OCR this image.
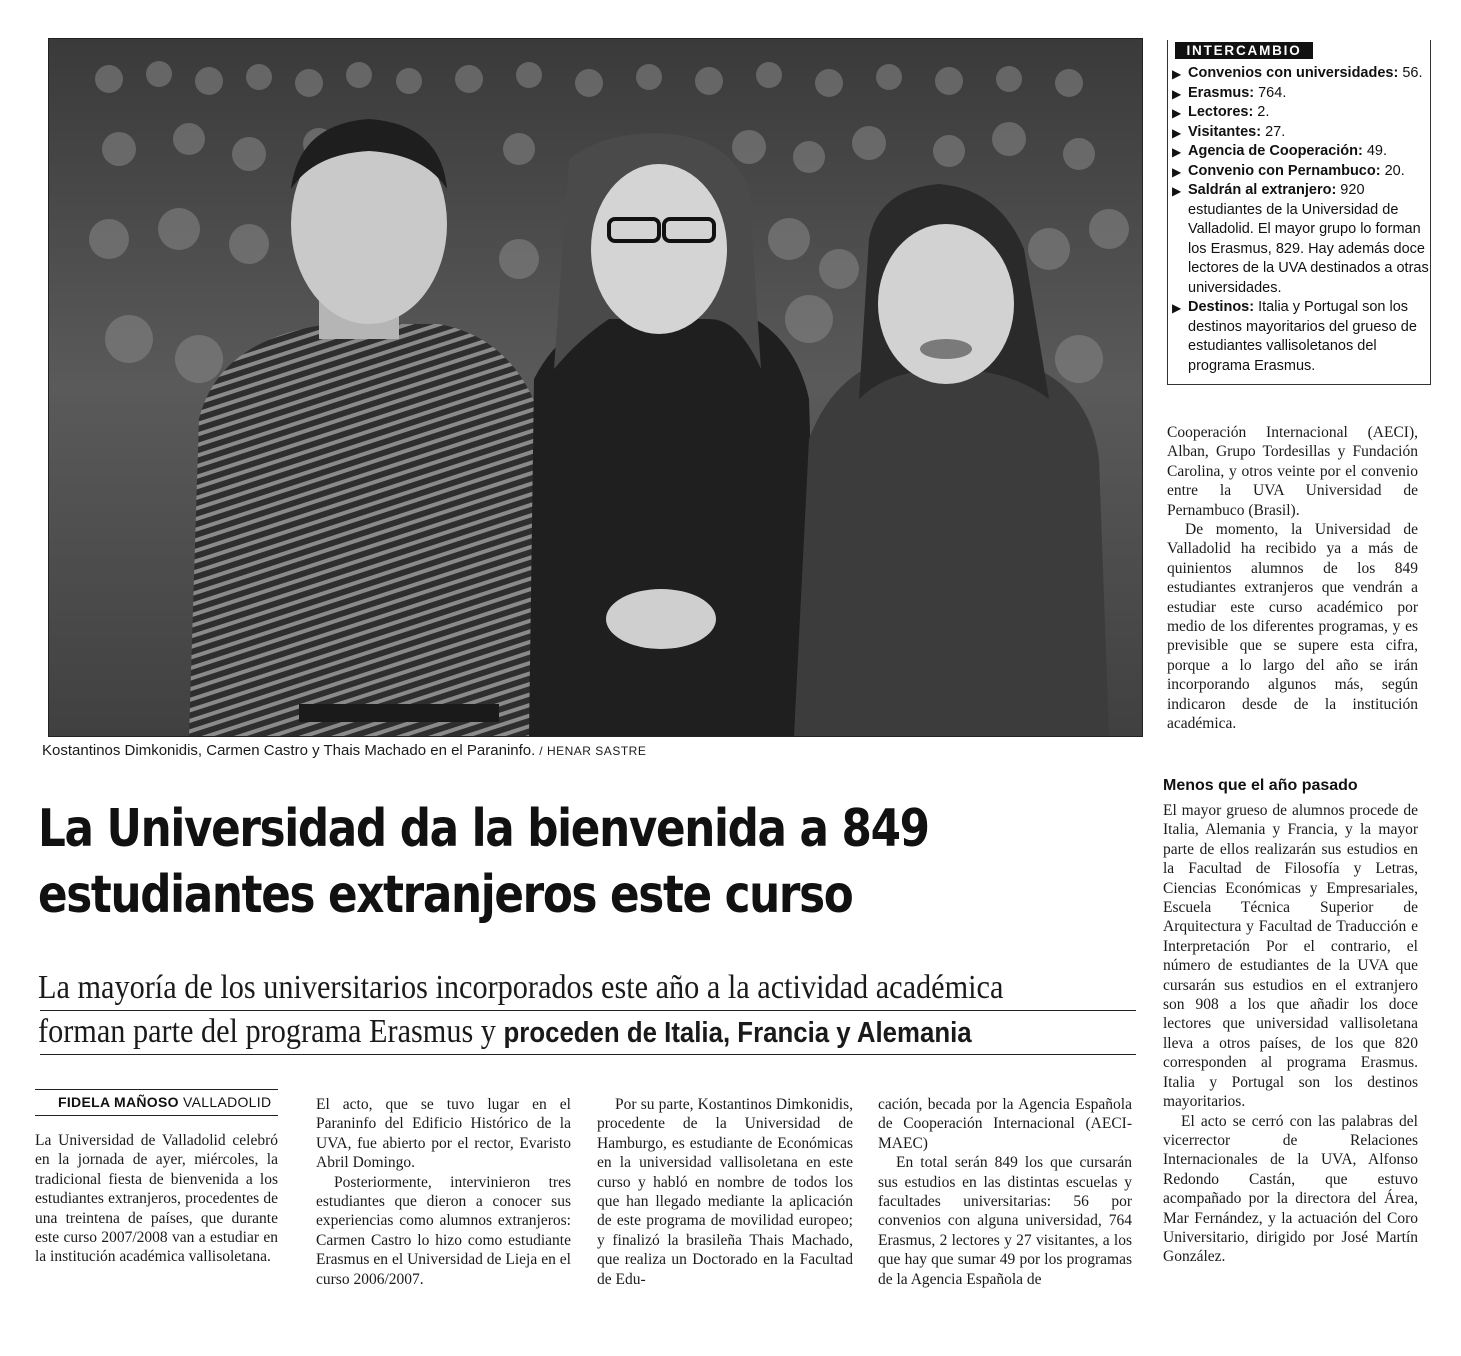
Kostantinos Dimkonidis, Carmen Castro y Thais Machado en el Paraninfo. / HENAR SASTRE
La Universidad da la bienvenida a 849
estudiantes extranjeros este curso
La mayoría de los universitarios incorporados este año a la actividad académica
forman parte del programa Erasmus y proceden de Italia, Francia y Alemania
FIDELA MAÑOSO VALLADOLID

La Universidad de Valladolid celebró en la jornada de ayer, miércoles, la tradicional fiesta de bienvenida a los estudiantes extranjeros, procedentes de una treintena de países, que durante este curso 2007/2008 van a estudiar en la institución académica vallisoletana.

El acto, que se tuvo lugar en el Paraninfo del Edificio Histórico de la UVA, fue abierto por el rector, Evaristo Abril Domingo.

Posteriormente, intervinieron tres estudiantes que dieron a conocer sus experiencias como alumnos extranjeros: Carmen Castro lo hizo como estudiante Erasmus en el Universidad de Lieja en el curso 2006/2007.

Por su parte, Kostantinos Dimkonidis, procedente de la Universidad de Hamburgo, es estudiante de Económicas en la universidad vallisoletana en este curso y habló en nombre de todos los que han llegado mediante la aplicación de este programa de movilidad europeo; y finalizó la brasileña Thais Machado, que realiza un Doctorado en la Facultad de Edu-

cación, becada por la Agencia Española de Cooperación Internacional (AECI-MAEC)

En total serán 849 los que cursarán sus estudios en las distintas escuelas y facultades universitarias: 56 por convenios con alguna universidad, 764 Erasmus, 2 lectores y 27 visitantes, a los que hay que sumar 49 por los programas de la Agencia Española de

INTERCAMBIO
▶ Convenios con universidades: 56.
▶ Erasmus: 764.
▶ Lectores: 2.
▶ Visitantes: 27.
▶ Agencia de Cooperación: 49.
▶ Convenio con Pernambuco: 20.
▶ Saldrán al extranjero: 920 estudiantes de la Universidad de Valladolid. El mayor grupo lo forman los Erasmus, 829. Hay además doce lectores de la UVA destinados a otras universidades.
▶ Destinos: Italia y Portugal son los destinos mayoritarios del grueso de estudiantes vallisoletanos del programa Erasmus.

Cooperación Internacional (AECI), Alban, Grupo Tordesillas y Fundación Carolina, y otros veinte por el convenio entre la UVA Universidad de Pernambuco (Brasil).

De momento, la Universidad de Valladolid ha recibido ya a más de quinientos alumnos de los 849 estudiantes extranjeros que vendrán a estudiar este curso académico por medio de los diferentes programas, y es previsible que se supere esta cifra, porque a lo largo del año se irán incorporando algunos más, según indicaron desde de la institución académica.

Menos que el año pasado

El mayor grueso de alumnos procede de Italia, Alemania y Francia, y la mayor parte de ellos realizarán sus estudios en la Facultad de Filosofía y Letras, Ciencias Económicas y Empresariales, Escuela Técnica Superior de Arquitectura y Facultad de Traducción e Interpretación Por el contrario, el número de estudiantes de la UVA que cursarán sus estudios en el extranjero son 908 a los que añadir los doce lectores que universidad vallisoletana lleva a otros países, de los que 820 corresponden al programa Erasmus. Italia y Portugal son los destinos mayoritarios.

El acto se cerró con las palabras del vicerrector de Relaciones Internacionales de la UVA, Alfonso Redondo Castán, que estuvo acompañado por la directora del Área, Mar Fernández, y la actuación del Coro Universitario, dirigido por José Martín González.
